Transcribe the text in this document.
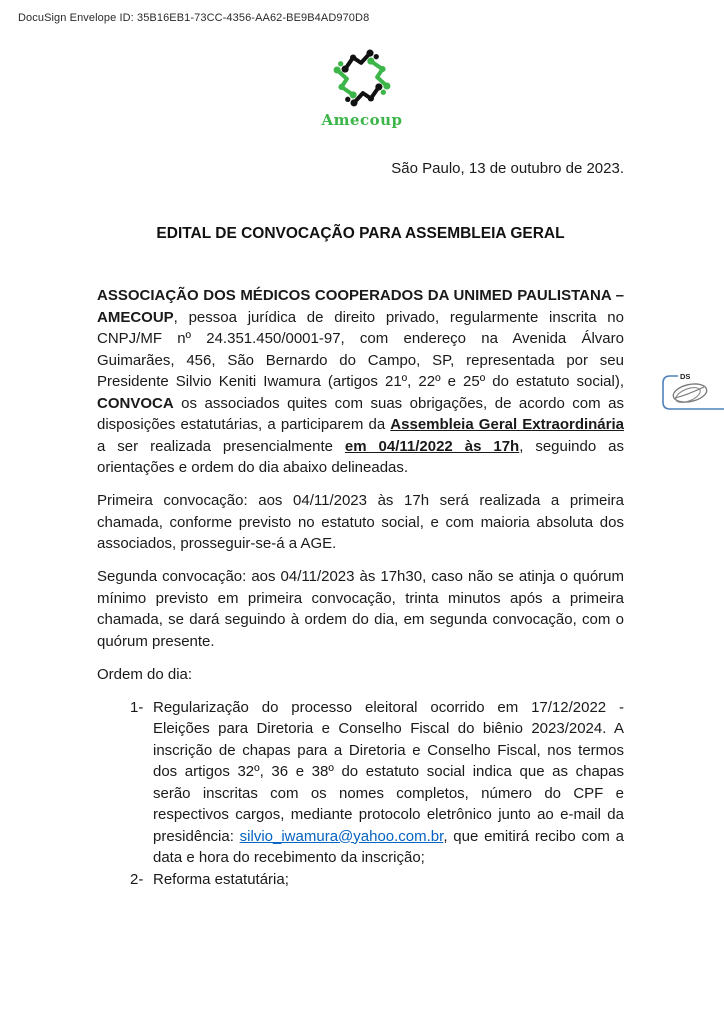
DocuSign Envelope ID: 35B16EB1-73CC-4356-AA62-BE9B4AD970D8
Amecoup
São Paulo, 13 de outubro de 2023.
EDITAL DE CONVOCAÇÃO PARA ASSEMBLEIA GERAL

ASSOCIAÇÃO DOS MÉDICOS COOPERADOS DA UNIMED PAULISTANA – AMECOUP, pessoa jurídica de direito privado, regularmente inscrita no CNPJ/MF nº 24.351.450/0001-97, com endereço na Avenida Álvaro Guimarães, 456, São Bernardo do Campo, SP, representada por seu Presidente Silvio Keniti Iwamura (artigos 21º, 22º e 25º do estatuto social), CONVOCA os associados quites com suas obrigações, de acordo com as disposições estatutárias, a participarem da Assembleia Geral Extraordinária a ser realizada presencialmente em 04/11/2022 às 17h, seguindo as orientações e ordem do dia abaixo delineadas.

Primeira convocação: aos 04/11/2023 às 17h será realizada a primeira chamada, conforme previsto no estatuto social, e com maioria absoluta dos associados, prosseguir-se-á a AGE.

Segunda convocação: aos 04/11/2023 às 17h30, caso não se atinja o quórum mínimo previsto em primeira convocação, trinta minutos após a primeira chamada, se dará seguindo à ordem do dia, em segunda convocação, com o quórum presente.

Ordem do dia:

1- Regularização do processo eleitoral ocorrido em 17/12/2022 - Eleições para Diretoria e Conselho Fiscal do biênio 2023/2024. A inscrição de chapas para a Diretoria e Conselho Fiscal, nos termos dos artigos 32º, 36 e 38º do estatuto social indica que as chapas serão inscritas com os nomes completos, número do CPF e respectivos cargos, mediante protocolo eletrônico junto ao e-mail da presidência: silvio_iwamura@yahoo.com.br, que emitirá recibo com a data e hora do recebimento da inscrição;
2- Reforma estatutária;
DS
